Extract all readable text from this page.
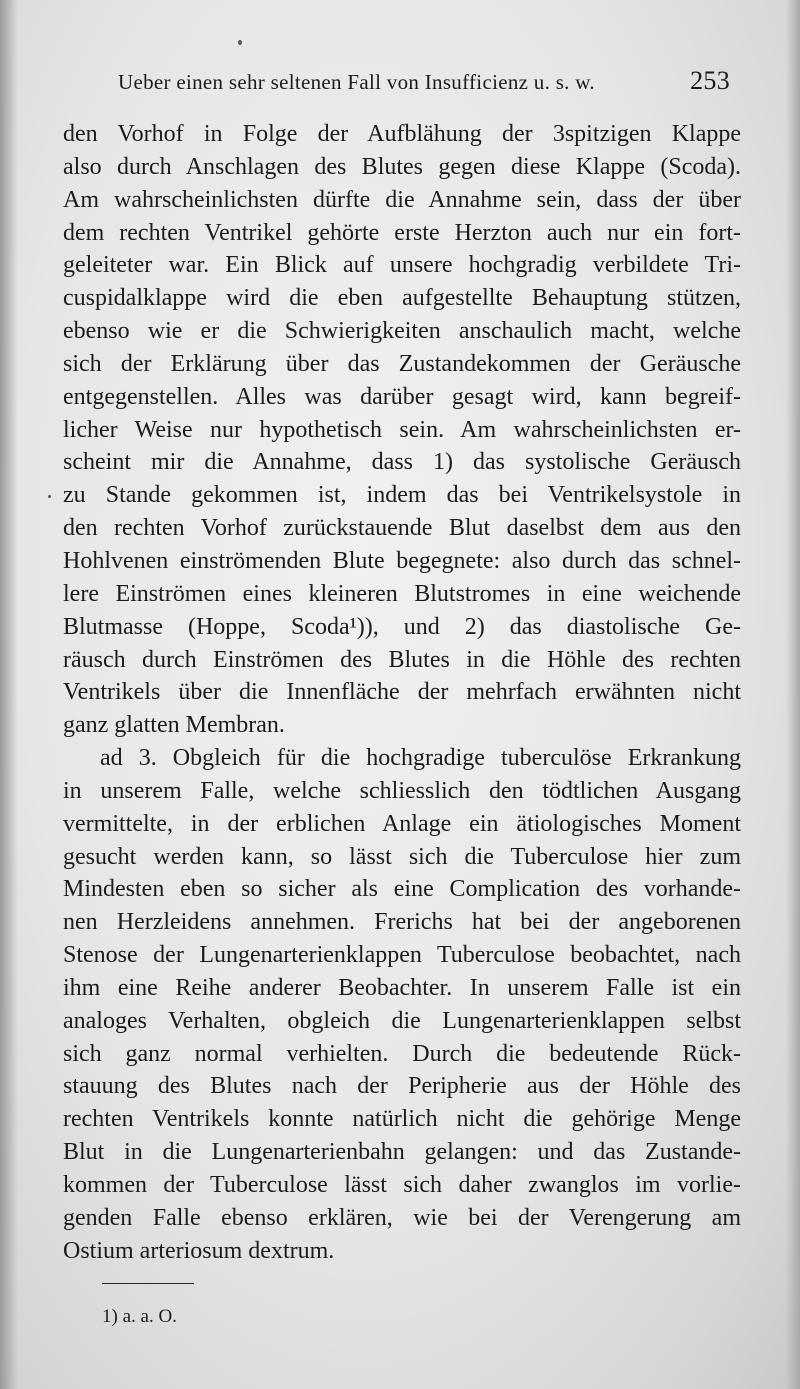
Ueber einen sehr seltenen Fall von Insufficienz u. s. w.	253
den Vorhof in Folge der Aufblähung der 3spitzigen Klappe
also durch Anschlagen des Blutes gegen diese Klappe (Scoda).
Am wahrscheinlichsten dürfte die Annahme sein, dass der über
dem rechten Ventrikel gehörte erste Herzton auch nur ein fort-
geleiteter war. Ein Blick auf unsere hochgradig verbildete Tri-
cuspidalklappe wird die eben aufgestellte Behauptung stützen,
ebenso wie er die Schwierigkeiten anschaulich macht, welche
sich der Erklärung über das Zustandekommen der Geräusche
entgegenstellen. Alles was darüber gesagt wird, kann begreif-
licher Weise nur hypothetisch sein. Am wahrscheinlichsten er-
scheint mir die Annahme, dass 1) das systolische Geräusch
zu Stande gekommen ist, indem das bei Ventrikelsystole in
den rechten Vorhof zurückstauende Blut daselbst dem aus den
Hohlvenen einströmenden Blute begegnete: also durch das schnel-
lere Einströmen eines kleineren Blutstromes in eine weichende
Blutmasse (Hoppe, Scoda¹)), und 2) das diastolische Ge-
räusch durch Einströmen des Blutes in die Höhle des rechten
Ventrikels über die Innenfläche der mehrfach erwähnten nicht
ganz glatten Membran.
ad 3. Obgleich für die hochgradige tuberculöse Erkrankung
in unserem Falle, welche schliesslich den tödtlichen Ausgang
vermittelte, in der erblichen Anlage ein ätiologisches Moment
gesucht werden kann, so lässt sich die Tuberculose hier zum
Mindesten eben so sicher als eine Complication des vorhande-
nen Herzleidens annehmen. Frerichs hat bei der angeborenen
Stenose der Lungenarterienklappen Tuberculose beobachtet, nach
ihm eine Reihe anderer Beobachter. In unserem Falle ist ein
analoges Verhalten, obgleich die Lungenarterienklappen selbst
sich ganz normal verhielten. Durch die bedeutende Rück-
stauung des Blutes nach der Peripherie aus der Höhle des
rechten Ventrikels konnte natürlich nicht die gehörige Menge
Blut in die Lungenarterienbahn gelangen: und das Zustande-
kommen der Tuberculose lässt sich daher zwanglos im vorlie-
genden Falle ebenso erklären, wie bei der Verengerung am
Ostium arteriosum dextrum.
1) a. a. O.
